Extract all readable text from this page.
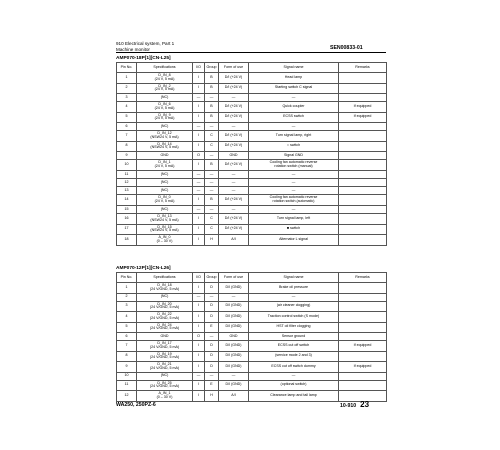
910 Electrical system, Part 1
Machine monitor	SEN00833-01
AMP070-18P[1][CN-L25]
Pin No.	Specifications	I/O	Group	Form of use	Signal name	Remarks
1	D_IN_8
(24 V, 5 mA)	I	B	D/I (+24 V)	Head lamp	
2	D_IN_2
(24 V, 5 mA)	I	B	D/I (+24 V)	Starting switch C signal	
3	(NC)	—	—	—	—	
4	D_IN_6
(24 V, 5 mA)	I	B	D/I (+24 V)	Quick coupler	If equipped
5	D_IN_9
(24 V, 5 mA)	I	B	D/I (+24 V)	ECSS switch	If equipped
6	(NC)	—	—	—	—	
7	D_IN_12
(NSW24 V, 5 mA)	I	C	D/I (+24 V)	Turn signal lamp, right	
8	D_IN_14
(NSW24 V, 5 mA)	I	C	D/I (+24 V)	○ switch	
9	GND	O	—	GND	Signal GND	
10	D_IN_1
(24 V, 5 mA)	I	B	D/I (+24 V)	Cooling fan automatic reverse
rotation switch (manual)	
11	(NC)	—	—	—	—	
12	(NC)	—	—	—	—	
13	(NC)	—	—	—	—	
14	D_IN_0
(24 V, 5 mA)	I	B	D/I (+24 V)	Cooling fan automatic reverse
rotation switch (automatic)	
15	(NC)	—	—	—	—	
16	D_IN_13
(NSW24 V, 5 mA)	I	C	D/I (+24 V)	Turn signal lamp, left	
17	D_IN_15
(NSW24 V, 5 mA)	I	C	D/I (+24 V)	■ switch	
18	A_IN_0
(0 – 30 V)	I	H	A/I	Alternator L signal	
AMP070-12P[1][CN-L26]
Pin No.	Specifications	I/O	Group	Form of use	Signal name	Remarks
1	D_IN_18
(24 V/GND, 5 mA)	I	D	D/I (GND)	Brake oil pressure	
2	(NC)	—	—	—	—	
3	D_IN_20
(24 V/GND, 5 mA)	I	D	D/I (GND)	(air cleaner clogging)	
4	D_IN_22
(24 V/GND, 5 mA)	I	D	D/I (GND)	Traction control switch (S mode)	
5	D_IN_24
(24 V/GND, 5 mA)	I	E	D/I (GND)	HST oil filter clogging	
6	GND	O	—	GND	Sensor ground	
7	D_IN_17
(24 V/GND, 5 mA)	I	D	D/I (GND)	ECSS cut off switch	If equipped
8	D_IN_19
(24 V/GND, 5 mA)	I	D	D/I (GND)	(service mode 2 and 3)	
9	D_IN_21
(24 V/GND, 5 mA)	I	D	D/I (GND)	ECSS cut off switch dummy	If equipped
10	(NC)	—	—	—	—	
11	D_IN_25
(24 V/GND, 5 mA)	I	E	D/I (GND)	(optional switch)	
12	A_IN_1
(0 – 30 V)	I	H	A/I	Clearance lamp and tail lamp	
WA250, 250PZ-6	10-910 23
